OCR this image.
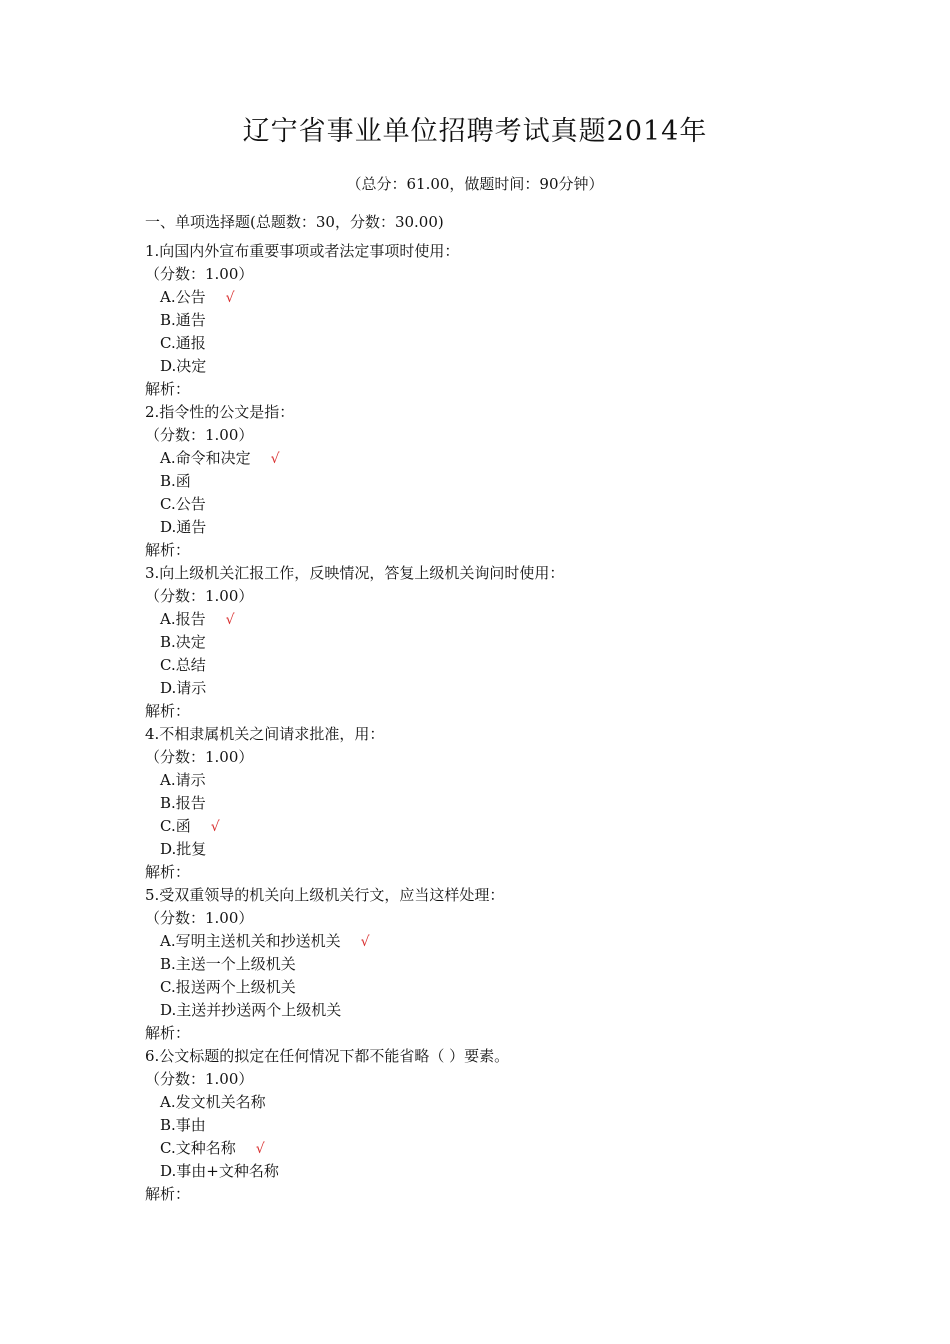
辽宁省事业单位招聘考试真题2014年
（总分：61.00，做题时间：90分钟）
一、单项选择题(总题数：30，分数：30.00)
1.向国内外宣布重要事项或者法定事项时使用：
（分数：1.00）
A.公告 √
B.通告
C.通报
D.决定
解析：
2.指令性的公文是指：
（分数：1.00）
A.命令和决定 √
B.函
C.公告
D.通告
解析：
3.向上级机关汇报工作，反映情况，答复上级机关询问时使用：
（分数：1.00）
A.报告 √
B.决定
C.总结
D.请示
解析：
4.不相隶属机关之间请求批准，用：
（分数：1.00）
A.请示
B.报告
C.函 √
D.批复
解析：
5.受双重领导的机关向上级机关行文，应当这样处理：
（分数：1.00）
A.写明主送机关和抄送机关 √
B.主送一个上级机关
C.报送两个上级机关
D.主送并抄送两个上级机关
解析：
6.公文标题的拟定在任何情况下都不能省略（ ）要素。
（分数：1.00）
A.发文机关名称
B.事由
C.文种名称 √
D.事由+文种名称
解析：
